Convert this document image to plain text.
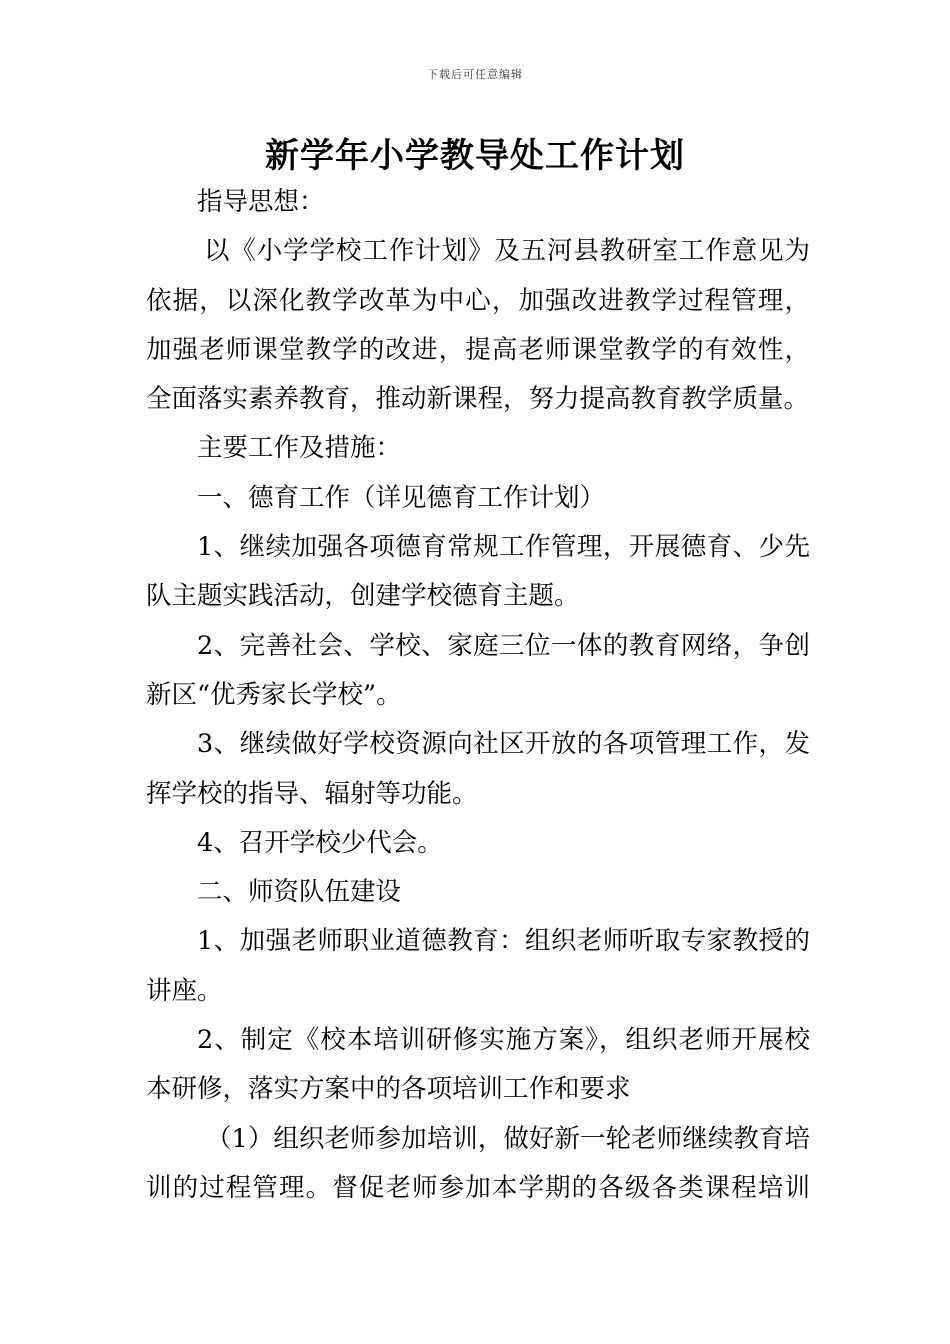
下载后可任意编辑
新学年小学教导处工作计划
指导思想：
以《小学学校工作计划》及五河县教研室工作意见为
依据，以深化教学改革为中心，加强改进教学过程管理，
加强老师课堂教学的改进，提高老师课堂教学的有效性，
全面落实素养教育，推动新课程，努力提高教育教学质量。
主要工作及措施：
一、德育工作（详见德育工作计划）
1、继续加强各项德育常规工作管理，开展德育、少先
队主题实践活动，创建学校德育主题。
2、完善社会、学校、家庭三位一体的教育网络，争创
新区“优秀家长学校”。
3、继续做好学校资源向社区开放的各项管理工作，发
挥学校的指导、辐射等功能。
4、召开学校少代会。
二、师资队伍建设
1、加强老师职业道德教育：组织老师听取专家教授的
讲座。
2、制定《校本培训研修实施方案》，组织老师开展校
本研修，落实方案中的各项培训工作和要求
（1）组织老师参加培训，做好新一轮老师继续教育培
训的过程管理。督促老师参加本学期的各级各类课程培训
